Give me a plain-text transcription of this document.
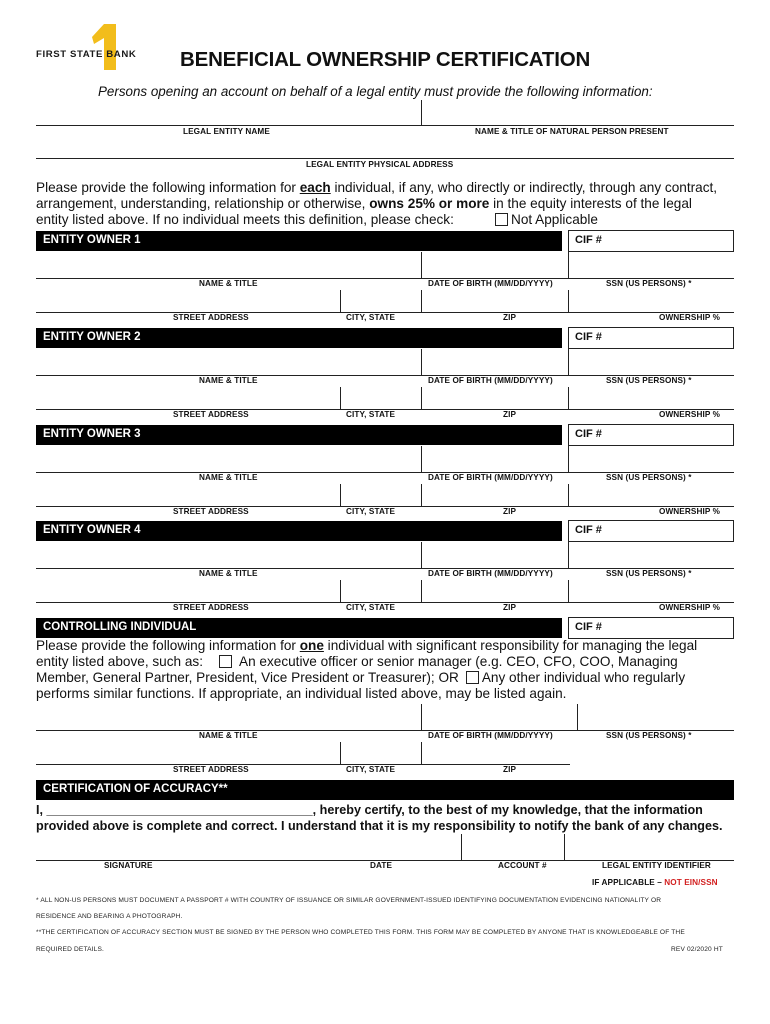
FIRST STATE BANK BENEFICIAL OWNERSHIP CERTIFICATION
Persons opening an account on behalf of a legal entity must provide the following information:
LEGAL ENTITY NAME	NAME & TITLE OF NATURAL PERSON PRESENT
LEGAL ENTITY PHYSICAL ADDRESS
Please provide the following information for each individual, if any, who directly or indirectly, through any contract,
arrangement, understanding, relationship or otherwise, owns 25% or more in the equity interests of the legal
entity listed above. If no individual meets this definition, please check:	Not Applicable
ENTITY OWNER 1	CIF #
NAME & TITLE	DATE OF BIRTH (MM/DD/YYYY)	SSN (US PERSONS) *
STREET ADDRESS	CITY, STATE	ZIP	OWNERSHIP %
ENTITY OWNER 2	CIF #
NAME & TITLE	DATE OF BIRTH (MM/DD/YYYY)	SSN (US PERSONS) *
STREET ADDRESS	CITY, STATE	ZIP	OWNERSHIP %
ENTITY OWNER 3	CIF #
NAME & TITLE	DATE OF BIRTH (MM/DD/YYYY)	SSN (US PERSONS) *
STREET ADDRESS	CITY, STATE	ZIP	OWNERSHIP %
ENTITY OWNER 4	CIF #
NAME & TITLE	DATE OF BIRTH (MM/DD/YYYY)	SSN (US PERSONS) *
STREET ADDRESS	CITY, STATE	ZIP	OWNERSHIP %
CONTROLLING INDIVIDUAL	CIF #
Please provide the following information for one individual with significant responsibility for managing the legal
entity listed above, such as:	An executive officer or senior manager (e.g. CEO, CFO, COO, Managing
Member, General Partner, President, Vice President or Treasurer); OR Any other individual who regularly
performs similar functions. If appropriate, an individual listed above, may be listed again.
NAME & TITLE	DATE OF BIRTH (MM/DD/YYYY)	SSN (US PERSONS) *
STREET ADDRESS	CITY, STATE	ZIP
CERTIFICATION OF ACCURACY**
I, ______________________________________, hereby certify, to the best of my knowledge, that the information
provided above is complete and correct. I understand that it is my responsibility to notify the bank of any changes.
SIGNATURE	DATE	ACCOUNT #	LEGAL ENTITY IDENTIFIER
IF APPLICABLE – NOT EIN/SSN
* ALL NON-US PERSONS MUST DOCUMENT A PASSPORT # WITH COUNTRY OF ISSUANCE OR SIMILAR GOVERNMENT-ISSUED IDENTIFYING DOCUMENTATION EVIDENCING NATIONALITY OR
RESIDENCE AND BEARING A PHOTOGRAPH.
**THE CERTIFICATION OF ACCURACY SECTION MUST BE SIGNED BY THE PERSON WHO COMPLETED THIS FORM. THIS FORM MAY BE COMPLETED BY ANYONE THAT IS KNOWLEDGEABLE OF THE
REQUIRED DETAILS.	REV 02/2020 HT
